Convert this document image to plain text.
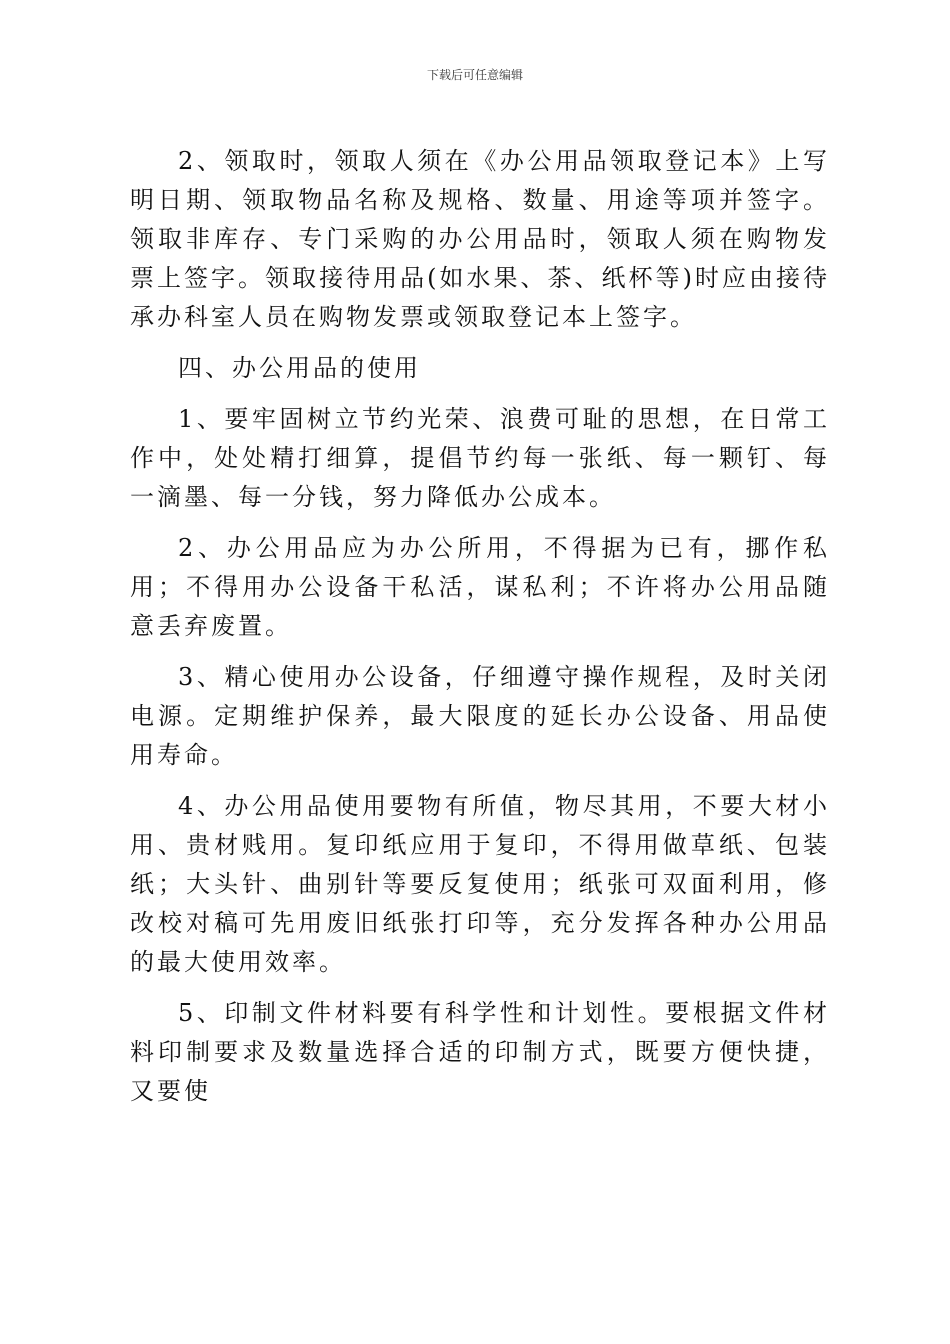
下载后可任意编辑

2、领取时，领取人须在《办公用品领取登记本》上写明日期、领取物品名称及规格、数量、用途等项并签字。领取非库存、专门采购的办公用品时，领取人须在购物发票上签字。领取接待用品(如水果、茶、纸杯等)时应由接待承办科室人员在购物发票或领取登记本上签字。

四、办公用品的使用

1、要牢固树立节约光荣、浪费可耻的思想，在日常工作中，处处精打细算，提倡节约每一张纸、每一颗钉、每一滴墨、每一分钱，努力降低办公成本。

2、办公用品应为办公所用，不得据为已有，挪作私用；不得用办公设备干私活，谋私利；不许将办公用品随意丢弃废置。

3、精心使用办公设备，仔细遵守操作规程，及时关闭电源。定期维护保养，最大限度的延长办公设备、用品使用寿命。

4、办公用品使用要物有所值，物尽其用，不要大材小用、贵材贱用。复印纸应用于复印，不得用做草纸、包装纸；大头针、曲别针等要反复使用；纸张可双面利用，修改校对稿可先用废旧纸张打印等，充分发挥各种办公用品的最大使用效率。

5、印制文件材料要有科学性和计划性。要根据文件材料印制要求及数量选择合适的印制方式，既要方便快捷，又要使
